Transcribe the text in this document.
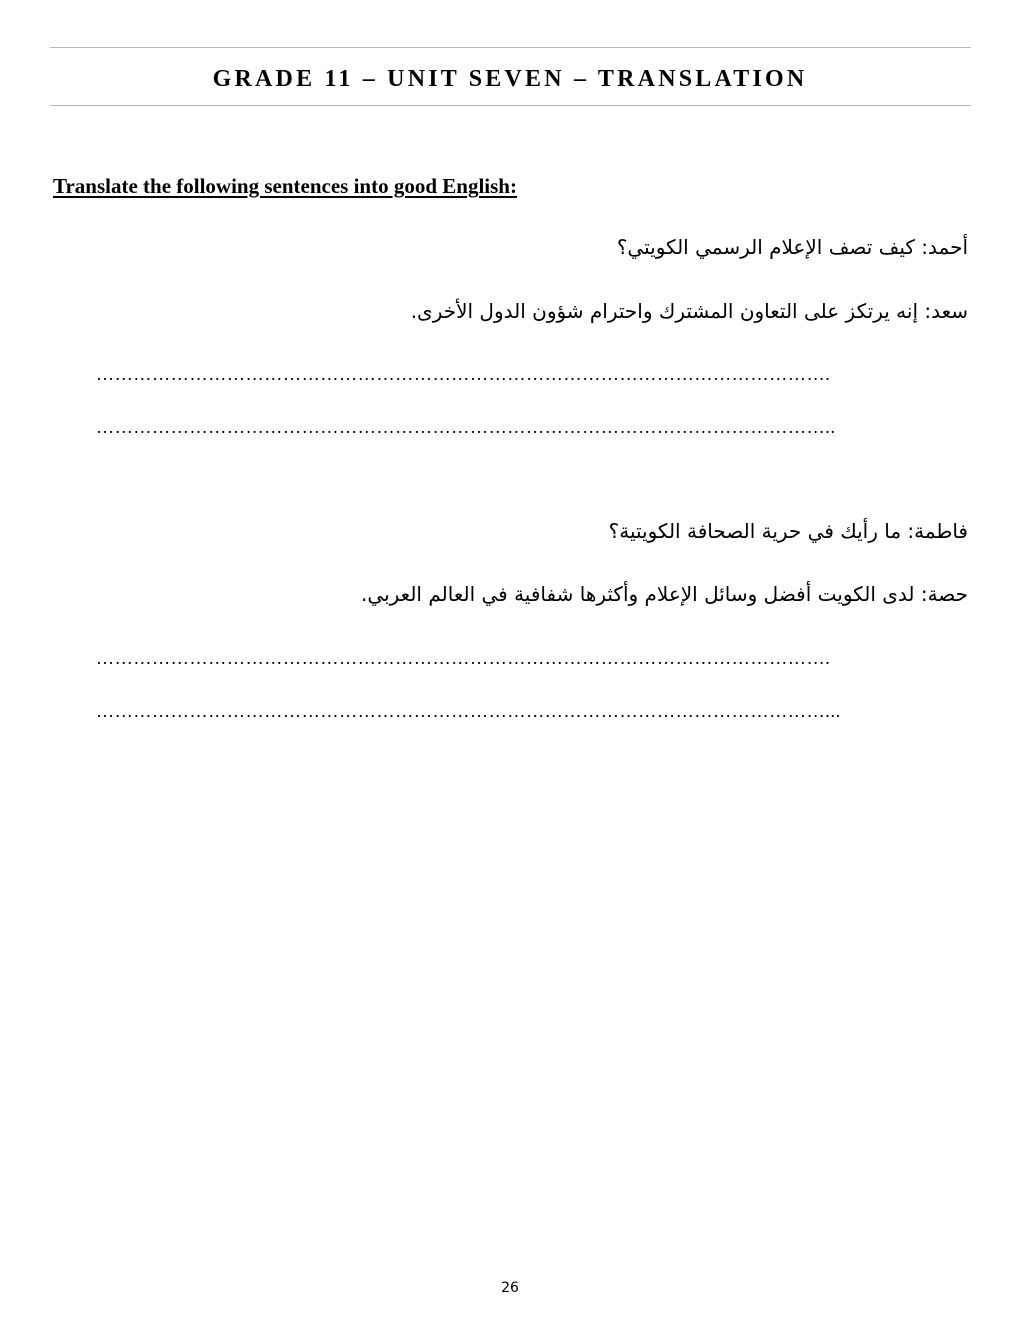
GRADE 11 – UNIT SEVEN – TRANSLATION
Translate the following sentences into good English:
أحمد: كيف تصف الإعلام الرسمي الكويتي؟
سعد: إنه يرتكز على التعاون المشترك واحترام شؤون الدول الأخرى.
……………………………………………………………………………………………………….
………………………………………………………………………………………………………..
فاطمة: ما رأيك في حرية الصحافة الكويتية؟
حصة: لدى الكويت أفضل وسائل الإعلام وأكثرها شفافية في العالم العربي.
……………………………………………………………………………………………………….
………………………………………………………………………………………………………...
26
